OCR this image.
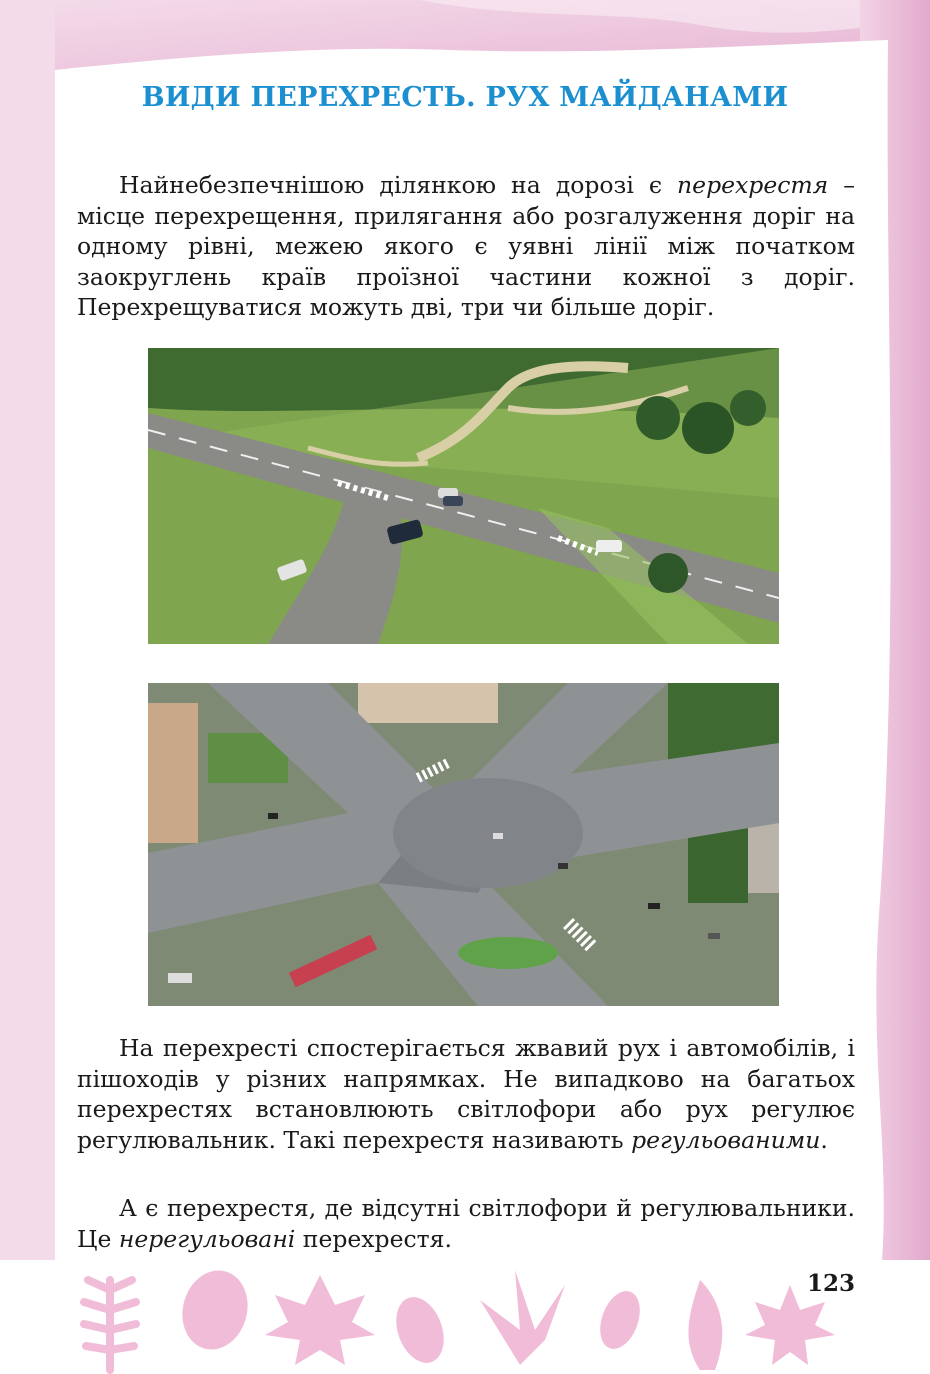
ВИДИ ПЕРЕХРЕСТЬ. РУХ МАЙДАНАМИ

Найнебезпечнішою ділянкою на дорозі є перехрестя – місце перехрещення, прилягання або розгалуження доріг на одному рівні, межею якого є уявні лінії між початком заокруглень країв проїзної частини кожної з доріг. Перехрещуватися можуть дві, три чи більше доріг.

На перехресті спостерігається жвавий рух і автомобілів, і пішоходів у різних напрямках. Не випадково на багатьох перехрестях встановлюють світлофори або рух регулює регулювальник. Такі перехрестя називають регульованими.

А є перехрестя, де відсутні світлофори й регулювальники. Це нерегульовані перехрестя.

123
